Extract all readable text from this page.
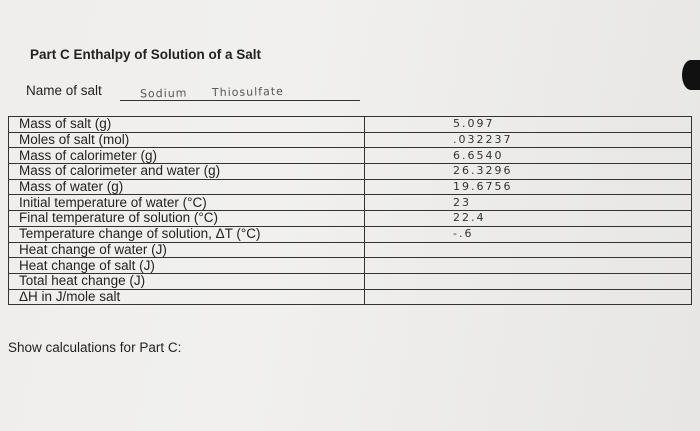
Part C Enthalpy of Solution of a Salt
Name of salt	Sodium Thiosulfate
Mass of salt (g)	5.097
Moles of salt (mol)	.032237
Mass of calorimeter (g)	6.6540
Mass of calorimeter and water (g)	26.3296
Mass of water (g)	19.6756
Initial temperature of water (°C)	23
Final temperature of solution (°C)	22.4
Temperature change of solution, ΔT (°C)	-.6
Heat change of water (J)	
Heat change of salt (J)	
Total heat change (J)	
ΔH in J/mole salt	
Show calculations for Part C:
